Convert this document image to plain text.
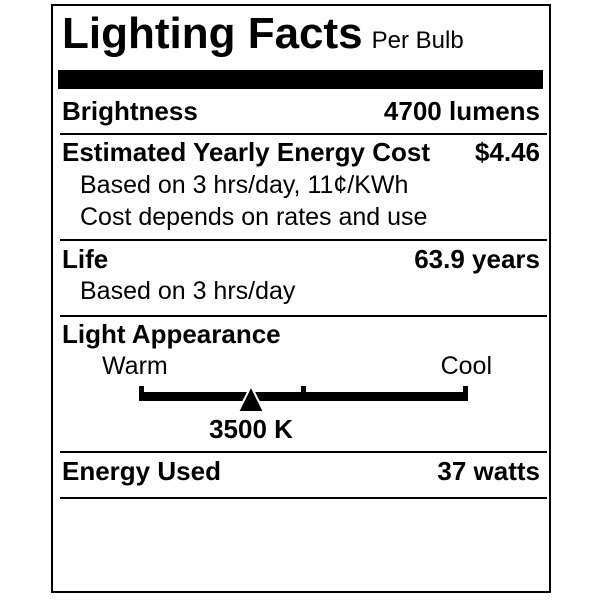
Lighting Facts Per Bulb
Brightness	4700 lumens
Estimated Yearly Energy Cost $4.46
Based on 3 hrs/day, 11¢/KWh
Cost depends on rates and use
Life	63.9 years
Based on 3 hrs/day
Light Appearance
Warm	Cool
3500 K
Energy Used	37 watts
